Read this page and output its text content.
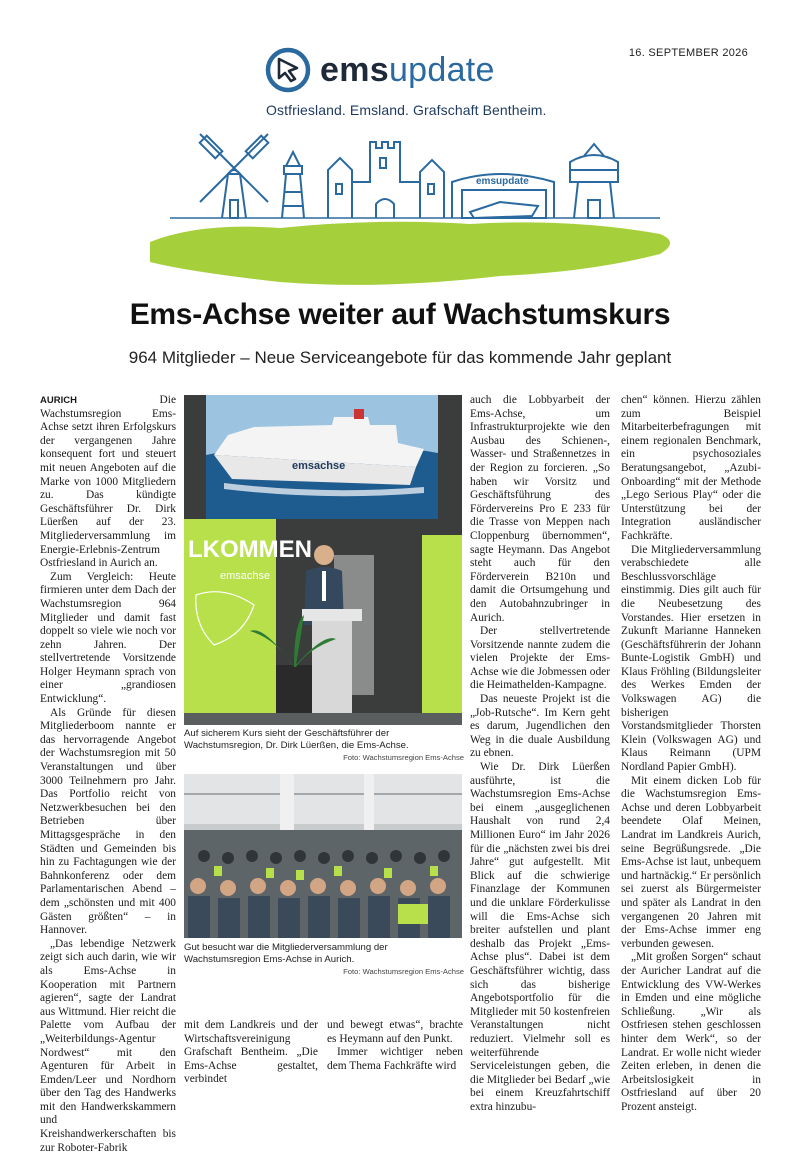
16. SEPTEMBER 2026
emsupdate
Ostfriesland. Emsland. Grafschaft Bentheim.
emsupdate
Ems-Achse weiter auf Wachstumskurs
964 Mitglieder – Neue Serviceangebote für das kommende Jahr geplant

AURICH	Die Wachstumsregion Ems-Achse setzt ihren Erfolgskurs der vergangenen Jahre konsequent fort und steuert mit neuen Angeboten auf die Marke von 1000 Mitgliedern zu. Das kündigte Geschäftsführer Dr. Dirk Lüerßen auf der 23. Mitgliederversammlung im Energie-Erlebnis-Zentrum Ostfriesland in Aurich an.

Zum Vergleich: Heute firmieren unter dem Dach der Wachstumsregion 964 Mitglieder und damit fast doppelt so viele wie noch vor zehn Jahren. Der stellvertretende Vorsitzende Holger Heymann sprach von einer „grandiosen Entwicklung“.

Als Gründe für diesen Mitgliederboom nannte er das hervorragende Angebot der Wachstumsregion mit 50 Veranstaltungen und über 3000 Teilnehmern pro Jahr. Das Portfolio reicht von Netzwerkbesuchen bei den Betrieben über Mittagsgespräche in den Städten und Gemeinden bis hin zu Fachtagungen wie der Bahnkonferenz oder dem Parlamentarischen Abend – dem „schönsten und mit 400 Gästen größten“ – in Hannover.

„Das lebendige Netzwerk zeigt sich auch darin, wie wir als Ems-Achse in Kooperation mit Partnern agieren“, sagte der Landrat aus Wittmund. Hier reicht die Palette vom Aufbau der „Weiterbildungs-Agentur Nordwest“ mit den Agenturen für Arbeit in Emden/Leer und Nordhorn über den Tag des Handwerks mit den Handwerkskammern und Kreishandwerkerschaften bis zur Roboter-Fabrik

emsachse
LKOMMEN
emsachse
Auf sicherem Kurs sieht der Geschäftsführer der Wachstumsregion, Dr. Dirk Lüerßen, die Ems-Achse.
Foto: Wachstumsregion Ems-Achse
Gut besucht war die Mitgliederversammlung der Wachstumsregion Ems-Achse in Aurich.
Foto: Wachstumsregion Ems-Achse

mit dem Landkreis und der Wirtschaftsvereinigung Grafschaft Bentheim. „Die Ems-Achse gestaltet, verbindet

und bewegt etwas“, brachte es Heymann auf den Punkt.

Immer wichtiger neben dem Thema Fachkräfte wird

auch die Lobbyarbeit der Ems-Achse, um Infrastrukturprojekte wie den Ausbau des Schienen-, Wasser- und Straßennetzes in der Region zu forcieren. „So haben wir Vorsitz und Geschäftsführung des Fördervereins Pro E 233 für die Trasse von Meppen nach Cloppenburg übernommen“, sagte Heymann. Das Angebot steht auch für den Förderverein B210n und damit die Ortsumgehung und den Autobahnzubringer in Aurich.

Der stellvertretende Vorsitzende nannte zudem die vielen Projekte der Ems-Achse wie die Jobmessen oder die Heimathelden-Kampagne.

Das neueste Projekt ist die „Job-Rutsche“. Im Kern geht es darum, Jugendlichen den Weg in die duale Ausbildung zu ebnen.

Wie Dr. Dirk Lüerßen ausführte, ist die Wachstumsregion Ems-Achse bei einem „ausgeglichenen Haushalt von rund 2,4 Millionen Euro“ im Jahr 2026 für die „nächsten zwei bis drei Jahre“ gut aufgestellt. Mit Blick auf die schwierige Finanzlage der Kommunen und die unklare Förderkulisse will die Ems-Achse sich breiter aufstellen und plant deshalb das Projekt „Ems-Achse plus“. Dabei ist dem Geschäftsführer wichtig, dass sich das bisherige Angebotsportfolio für die Mitglieder mit 50 kostenfreien Veranstaltungen nicht reduziert. Vielmehr soll es weiterführende Serviceleistungen geben, die die Mitglieder bei Bedarf „wie bei einem Kreuzfahrtschiff extra hinzubu-

chen“ können. Hierzu zählen zum Beispiel Mitarbeiterbefragungen mit einem regionalen Benchmark, ein psychosoziales Beratungsangebot, „Azubi-Onboarding“ mit der Methode „Lego Serious Play“ oder die Unterstützung bei der Integration ausländischer Fachkräfte.

Die Mitgliederversammlung verabschiedete alle Beschlussvorschläge einstimmig. Dies gilt auch für die Neubesetzung des Vorstandes. Hier ersetzen in Zukunft Marianne Hanneken (Geschäftsführerin der Johann Bunte-Logistik GmbH) und Klaus Fröhling (Bildungsleiter des Werkes Emden der Volkswagen AG) die bisherigen Vorstandsmitglieder Thorsten Klein (Volkswagen AG) und Klaus Reimann (UPM Nordland Papier GmbH).

Mit einem dicken Lob für die Wachstumsregion Ems-Achse und deren Lobbyarbeit beendete Olaf Meinen, Landrat im Landkreis Aurich, seine Begrüßungsrede. „Die Ems-Achse ist laut, unbequem und hartnäckig.“ Er persönlich sei zuerst als Bürgermeister und später als Landrat in den vergangenen 20 Jahren mit der Ems-Achse immer eng verbunden gewesen.

„Mit großen Sorgen“ schaut der Auricher Landrat auf die Entwicklung des VW-Werkes in Emden und eine mögliche Schließung. „Wir als Ostfriesen stehen geschlossen hinter dem Werk“, so der Landrat. Er wolle nicht wieder Zeiten erleben, in denen die Arbeitslosigkeit in Ostfriesland auf über 20 Prozent ansteigt.
